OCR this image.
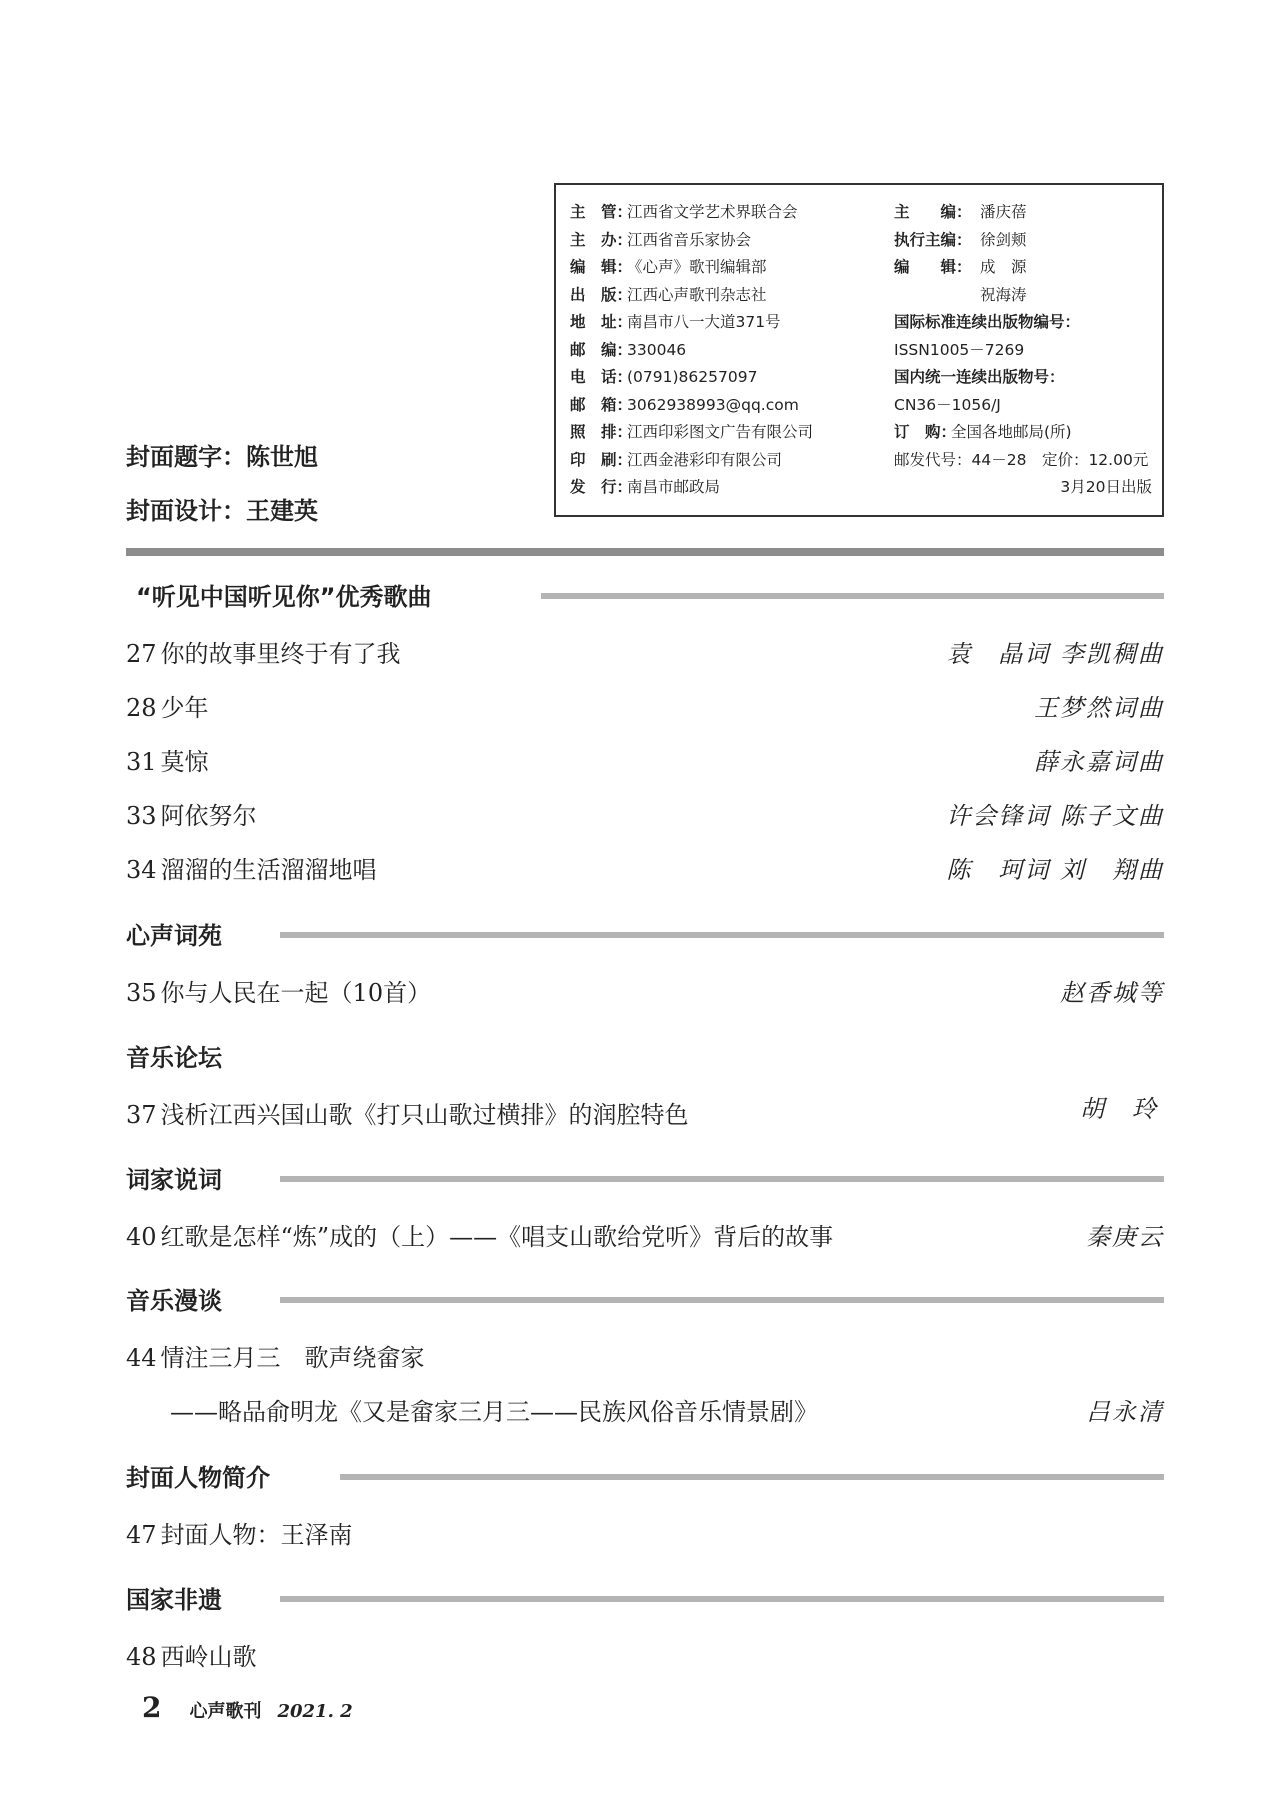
封面题字：陈世旭
封面设计：王建英
主　管：江西省文学艺术界联合会
主　办：江西省音乐家协会
编　辑：《心声》歌刊编辑部
出　版：江西心声歌刊杂志社
地　址：南昌市八一大道371号
邮　编：330046
电　话：(0791)86257097
邮　箱：3062938993@qq.com
照　排：江西印彩图文广告有限公司
印　刷：江西金港彩印有限公司
发　行：南昌市邮政局
主　　编： 潘庆蓓
执行主编： 徐剑颊
编　　辑： 成　源
祝海涛
国际标准连续出版物编号：
ISSN1005－7269
国内统一连续出版物号：
CN36－1056/J
订　购：全国各地邮局(所)
邮发代号：44－28　定价：12.00元
3月20日出版
“听见中国听见你”优秀歌曲
27 你的故事里终于有了我	袁　晶词 李凯稠曲
28 少年	王梦然词曲
31 莫惊	薛永嘉词曲
33 阿依努尔	许会锋词 陈子文曲
34 溜溜的生活溜溜地唱	陈　珂词 刘　翔曲
心声词苑
35 你与人民在一起（10首）	赵香城等
音乐论坛
37 浅析江西兴国山歌《打只山歌过横排》的润腔特色	胡　玲
词家说词
40 红歌是怎样“炼”成的（上）——《唱支山歌给党听》背后的故事	秦庚云
音乐漫谈
44 情注三月三　歌声绕畲家
——略品俞明龙《又是畲家三月三——民族风俗音乐情景剧》	吕永清
封面人物简介
47 封面人物：王泽南
国家非遗
48 西岭山歌
2 心声歌刊 2021. 2
